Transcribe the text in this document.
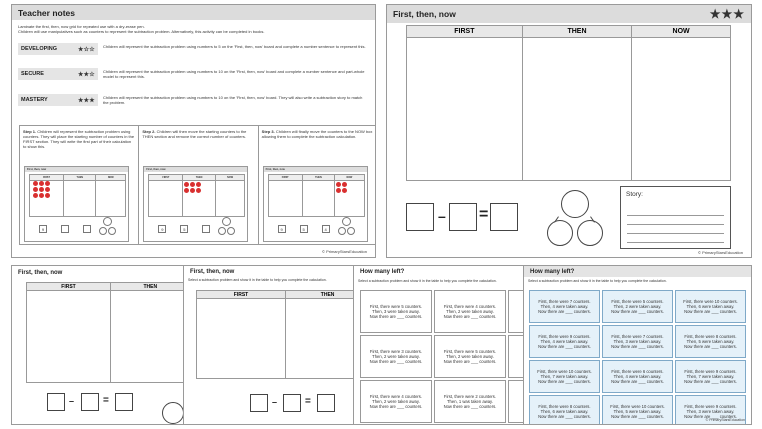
Teacher notes
Laminate the first, then, now grid for repeated use with a dry-erase pen.
Children will use manipulatives such as counters to represent the subtraction problem. Alternatively, this activity can be completed in books.
DEVELOPING	★☆☆	Children will represent the subtraction problem using numbers to 5 on the 'First, then, now' board and complete a number sentence to represent this.
SECURE	★★☆	Children will represent the subtraction problem using numbers to 10 on the 'First, then, now' board and complete a number sentence and part-whole model to represent this.
MASTERY	★★★	Children will represent the subtraction problem using numbers to 10 on the 'First, then, now' board. They will also write a subtraction story to match the problem.
Step 1. Children will represent the subtraction problem using counters. They will place the starting number of counters in the FIRST section. They will write the first part of their calculation to show this.
First, then, now
FIRST	THEN	NOW

9
Step 2. Children will then move the starting counters to the THEN section and remove the correct number of counters.
First, then, now
FIRST	THEN	NOW

9	5
Step 3. Children will finally move the counters to the NOW box allowing them to complete the subtraction calculation.
First, then, now
FIRST	THEN	NOW

9	5	4
© PrimaryStarsEducation
First, then, now	★★★
FIRST	THEN	NOW

– =
Story:
© PrimaryStarsEducation
First, then, now
FIRST	THEN	

–	=
First, then, now
Select a subtraction problem and show it in the table to help you complete the calculation.
FIRST	THEN	

–	=
How many left?
Select a subtraction problem and show it in the table to help you complete the calculation.
First, there were 5 counters.
Then, 3 were taken away.
Now there are ___ counters.
First, there were 4 counters.
Then, 2 were taken away.
Now there are ___ counters.
First, there were 3 counters.
Then, 2 were taken away.
Now there are ___ counters.
First, there were 5 counters.
Then, 2 were taken away.
Now there are ___ counters.
First, there were 4 counters.
Then, 2 were taken away.
Now there are ___ counters.
First, there were 2 counters.
Then, 1 was taken away.
Now there are ___ counters.
How many left?
Select a subtraction problem and show it in the table to help you complete the calculation.
First, there were 7 counters.
Then, 4 were taken away.
Now there are ___ counters.
First, there were 5 counters.
Then, 2 were taken away.
Now there are ___ counters.
First, there were 10 counters.
Then, 6 were taken away.
Now there are ___ counters.
First, there were 9 counters.
Then, 4 were taken away.
Now there are ___ counters.
First, there were 7 counters.
Then, 3 were taken away.
Now there are ___ counters.
First, there were 8 counters.
Then, 5 were taken away.
Now there are ___ counters.
First, there were 10 counters.
Then, 7 were taken away.
Now there are ___ counters.
First, there were 6 counters.
Then, 4 were taken away.
Now there are ___ counters.
First, there were 9 counters.
Then, 7 were taken away.
Now there are ___ counters.
First, there were 8 counters.
Then, 6 were taken away.
Now there are ___ counters.
First, there were 10 counters.
Then, 5 were taken away.
Now there are ___ counters.
First, there were 9 counters.
Then, 3 were taken away.
Now there are ___ counters.
© PrimaryStarsEducation
